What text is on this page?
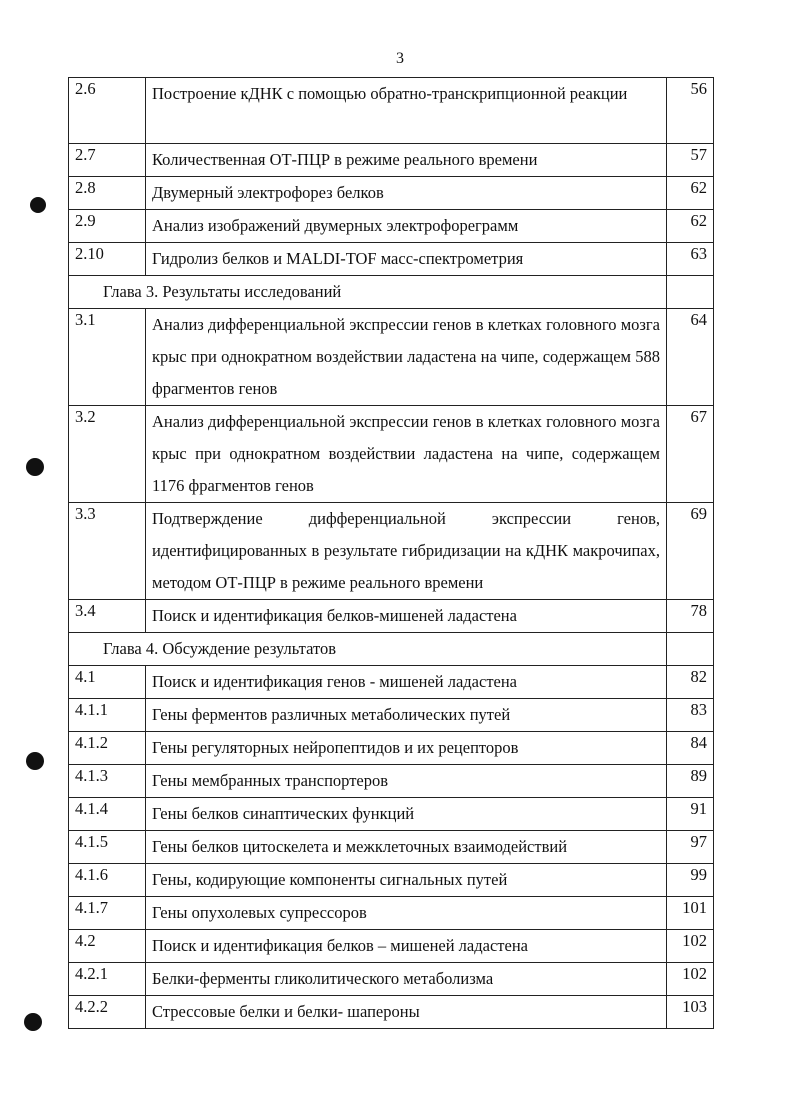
3
2.6	Построение кДНК с помощью обратно-транскрипционной реакции	56
2.7	Количественная ОТ-ПЦР в режиме реального времени	57
2.8	Двумерный электрофорез белков	62
2.9	Анализ изображений двумерных электрофореграмм	62
2.10	Гидролиз белков и MALDI-TOF масс-спектрометрия	63
Глава 3. Результаты исследований		
3.1	Анализ дифференциальной экспрессии генов в клетках головного мозга крыс при однократном воздействии ладастена на чипе, содержащем 588 фрагментов генов	64
3.2	Анализ дифференциальной экспрессии генов в клетках головного мозга крыс при однократном воздействии ладастена на чипе, содержащем 1176 фрагментов генов	67
3.3	Подтверждение дифференциальной экспрессии генов, идентифицированных в результате гибридизации на кДНК макрочипах, методом ОТ-ПЦР в режиме реального времени	69
3.4	Поиск и идентификация белков-мишеней ладастена	78
Глава 4. Обсуждение результатов		
4.1	Поиск и идентификация генов - мишеней ладастена	82
4.1.1	Гены ферментов различных метаболических путей	83
4.1.2	Гены регуляторных нейропептидов и их рецепторов	84
4.1.3	Гены мембранных транспортеров	89
4.1.4	Гены белков синаптических функций	91
4.1.5	Гены белков цитоскелета и межклеточных взаимодействий	97
4.1.6	Гены, кодирующие компоненты сигнальных путей	99
4.1.7	Гены опухолевых супрессоров	101
4.2	Поиск и идентификация белков – мишеней ладастена	102
4.2.1	Белки-ферменты гликолитического метаболизма	102
4.2.2	Стрессовые белки и белки- шапероны	103
